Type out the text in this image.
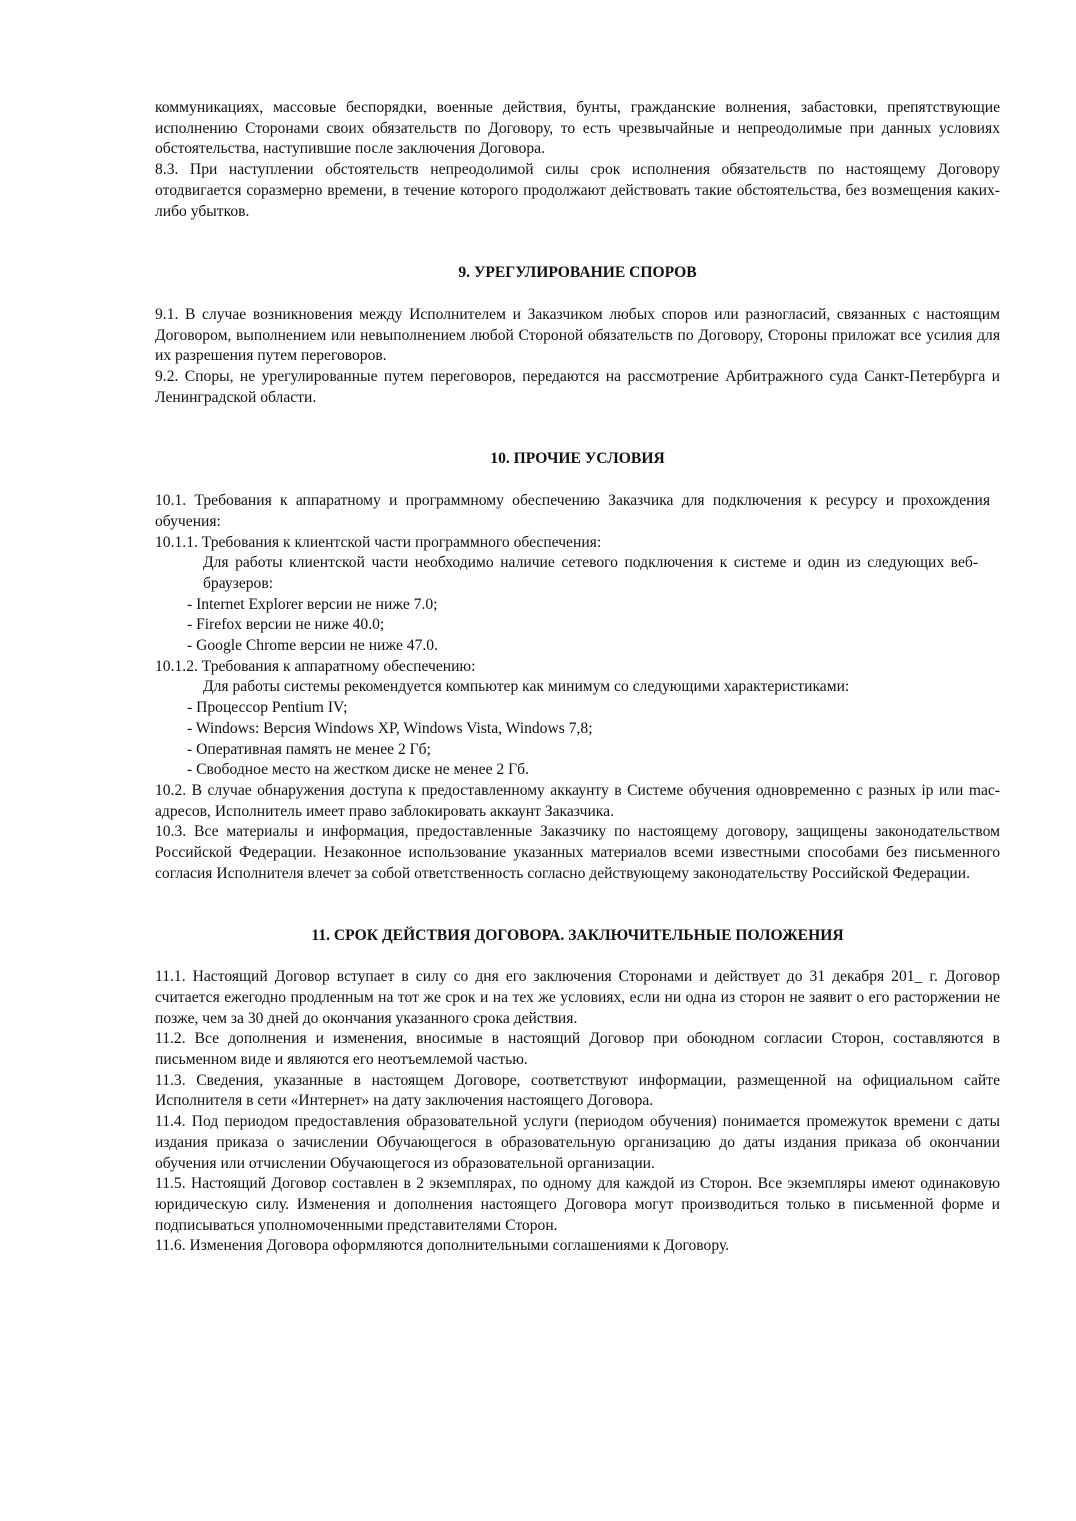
коммуникациях, массовые беспорядки, военные действия, бунты, гражданские волнения, забастовки, препятствующие исполнению Сторонами своих обязательств по Договору, то есть чрезвычайные и непреодолимые при данных условиях обстоятельства, наступившие после заключения Договора.

8.3. При наступлении обстоятельств непреодолимой силы срок исполнения обязательств по настоящему Договору отодвигается соразмерно времени, в течение которого продолжают действовать такие обстоятельства, без возмещения каких-либо убытков.

9. УРЕГУЛИРОВАНИЕ СПОРОВ

9.1. В случае возникновения между Исполнителем и Заказчиком любых споров или разногласий, связанных с настоящим Договором, выполнением или невыполнением любой Стороной обязательств по Договору, Стороны приложат все усилия для их разрешения путем переговоров.

9.2. Споры, не урегулированные путем переговоров, передаются на рассмотрение Арбитражного суда Санкт-Петербурга и Ленинградской области.

10. ПРОЧИЕ УСЛОВИЯ

10.1. Требования к аппаратному и программному обеспечению Заказчика для подключения к ресурсу и прохождения обучения:

10.1.1. Требования к клиентской части программного обеспечения:

Для работы клиентской части необходимо наличие сетевого подключения к системе и один из следующих веб-браузеров:

- Internet Explorer версии не ниже 7.0;

- Firefox версии не ниже 40.0;

- Google Chrome версии не ниже 47.0.

10.1.2. Требования к аппаратному обеспечению:

Для работы системы рекомендуется компьютер как минимум со следующими характеристиками:

- Процессор Pentium IV;

- Windows: Версия Windows XP, Windows Vista, Windows 7,8;

- Оперативная память не менее 2 Гб;

- Свободное место на жестком диске не менее 2 Гб.

10.2. В случае обнаружения доступа к предоставленному аккаунту в Системе обучения одновременно с разных ip или mac-адресов, Исполнитель имеет право заблокировать аккаунт Заказчика.

10.3. Все материалы и информация, предоставленные Заказчику по настоящему договору, защищены законодательством Российской Федерации. Незаконное использование указанных материалов всеми известными способами без письменного согласия Исполнителя влечет за собой ответственность согласно действующему законодательству Российской Федерации.

11. СРОК ДЕЙСТВИЯ ДОГОВОРА. ЗАКЛЮЧИТЕЛЬНЫЕ ПОЛОЖЕНИЯ

11.1. Настоящий Договор вступает в силу со дня его заключения Сторонами и действует до 31 декабря 201_ г. Договор считается ежегодно продленным на тот же срок и на тех же условиях, если ни одна из сторон не заявит о его расторжении не позже, чем за 30 дней до окончания указанного срока действия.

11.2. Все дополнения и изменения, вносимые в настоящий Договор при обоюдном согласии Сторон, составляются в письменном виде и являются его неотъемлемой частью.

11.3. Сведения, указанные в настоящем Договоре, соответствуют информации, размещенной на официальном сайте Исполнителя в сети «Интернет» на дату заключения настоящего Договора.

11.4. Под периодом предоставления образовательной услуги (периодом обучения) понимается промежуток времени с даты издания приказа о зачислении Обучающегося в образовательную организацию до даты издания приказа об окончании обучения или отчислении Обучающегося из образовательной организации.

11.5. Настоящий Договор составлен в 2 экземплярах, по одному для каждой из Сторон. Все экземпляры имеют одинаковую юридическую силу. Изменения и дополнения настоящего Договора могут производиться только в письменной форме и подписываться уполномоченными представителями Сторон.

11.6. Изменения Договора оформляются дополнительными соглашениями к Договору.
